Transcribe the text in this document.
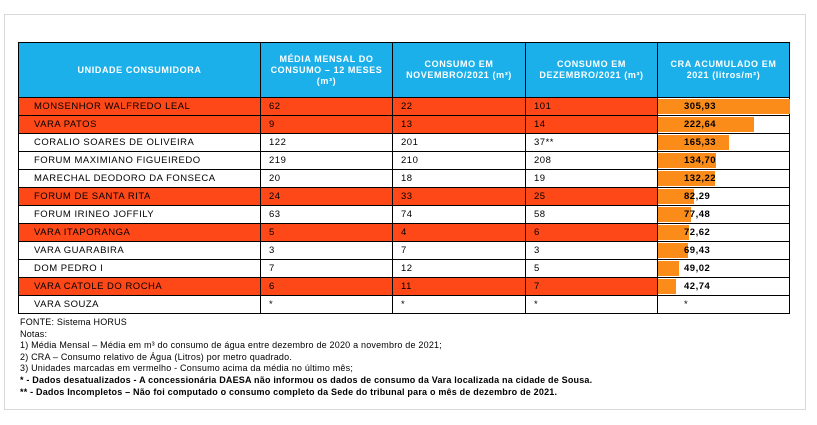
UNIDADE CONSUMIDORA	MÉDIA MENSAL DO CONSUMO – 12 MESES (m³)	CONSUMO EM NOVEMBRO/2021 (m³)	CONSUMO EM DEZEMBRO/2021 (m³)	CRA ACUMULADO EM 2021 (litros/m²)
MONSENHOR WALFREDO LEAL	62	22	101	305,93

VARA PATOS	9	13	14	222,64

CORALIO SOARES DE OLIVEIRA	122	201	37**	165,33

FORUM MAXIMIANO FIGUEIREDO	219	210	208	134,70

MARECHAL DEODORO DA FONSECA	20	18	19	132,22

FORUM DE SANTA RITA	24	33	25	82,29

FORUM IRINEO JOFFILY	63	74	58	77,48

VARA ITAPORANGA	5	4	6	72,62

VARA GUARABIRA	3	7	3	69,43

DOM PEDRO I	7	12	5	49,02

VARA CATOLE DO ROCHA	6	11	7	42,74

VARA SOUZA	*	*	*	*
FONTE: Sistema HORUS
Notas:
1) Média Mensal – Média em m³ do consumo de água entre dezembro de 2020 a novembro de 2021;
2) CRA – Consumo relativo de Água (Litros) por metro quadrado.
3) Unidades marcadas em vermelho - Consumo acima da média no último mês;
* - Dados desatualizados - A concessionária DAESA não informou os dados de consumo da Vara localizada na cidade de Sousa.
** - Dados Incompletos – Não foi computado o consumo completo da Sede do tribunal para o mês de dezembro de 2021.
